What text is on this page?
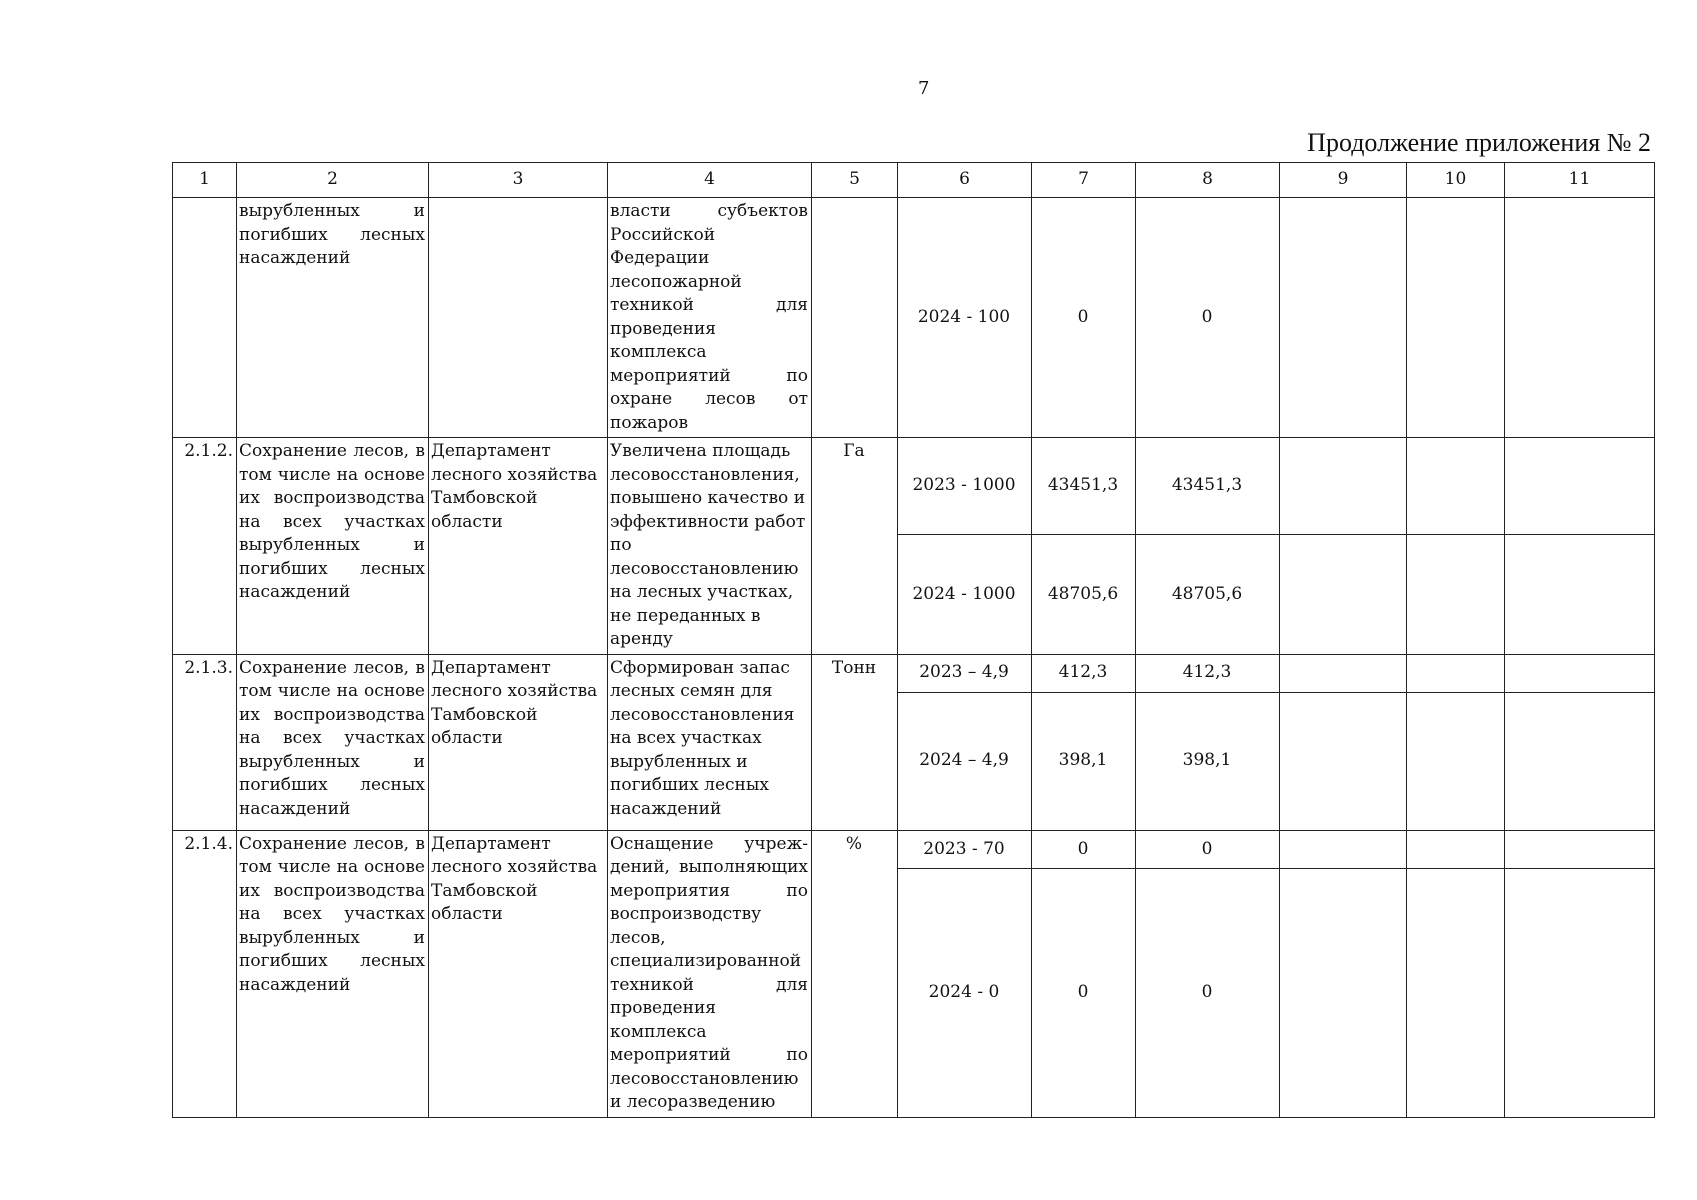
7
Продолжение приложения № 2
1	2	3	4	5	6	7	8	9	10	11
	вырубленных и погибших лесных насаждений		власти субъектов Российской Федерации лесопожарной техникой для проведения комплекса мероприятий по охране лесов от пожаров		2024 - 100	0	0			
2.1.2.	Сохранение лесов, в том числе на основе их воспроизводства на всех участках вырубленных и погибших лесных насаждений	Департамент лесного хозяйства Тамбовской области	Увеличена площадь лесовосстановления, повышено качество и эффективности работ по лесовосстановлению на лесных участках, не переданных в аренду	Га	2023 - 1000	43451,3	43451,3			
					2024 - 1000	48705,6	48705,6			
2.1.3.	Сохранение лесов, в том числе на основе их воспроизводства на всех участках вырубленных и погибших лесных насаждений	Департамент лесного хозяйства Тамбовской области	Сформирован запас лесных семян для лесовосстановления на всех участках вырубленных и погибших лесных насаждений	Тонн	2023 – 4,9	412,3	412,3			
					2024 – 4,9	398,1	398,1			
2.1.4.	Сохранение лесов, в том числе на основе их воспроизводства на всех участках вырубленных и погибших лесных насаждений	Департамент лесного хозяйства Тамбовской области	Оснащение учреж-дений, выполняющих мероприятия по воспроизводству лесов, специализированной техникой для проведения комплекса мероприятий по лесовосстановлению и лесоразведению	%	2023 - 70	0	0			
					2024 - 0	0	0			
